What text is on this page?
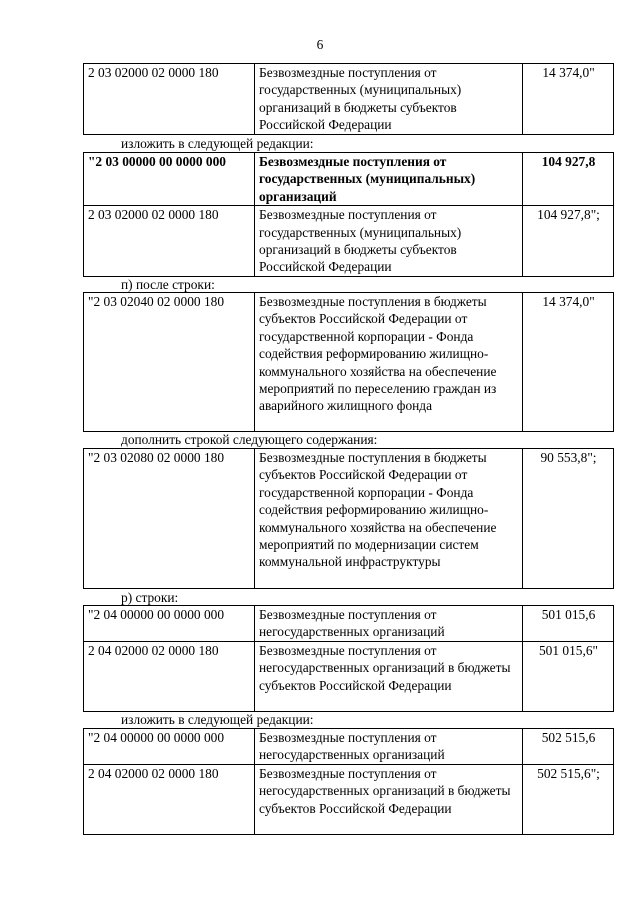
6
2 03 02000 02 0000 180	Безвозмездные поступления от государственных (муниципальных) организаций в бюджеты субъектов Российской Федерации	14 374,0"
изложить в следующей редакции:
"2 03 00000 00 0000 000	Безвозмездные поступления от государственных (муниципальных) организаций	104 927,8
2 03 02000 02 0000 180	Безвозмездные поступления от государственных (муниципальных) организаций в бюджеты субъектов Российской Федерации	104 927,8";
п) после строки:
"2 03 02040 02 0000 180	Безвозмездные поступления в бюджеты субъектов Российской Федерации от государственной корпорации - Фонда содействия реформированию жилищно-коммунального хозяйства на обеспечение мероприятий по переселению граждан из аварийного жилищного фонда	14 374,0"
дополнить строкой следующего содержания:
"2 03 02080 02 0000 180	Безвозмездные поступления в бюджеты субъектов Российской Федерации от государственной корпорации - Фонда содействия реформированию жилищно-коммунального хозяйства на обеспечение мероприятий по модернизации систем коммунальной инфраструктуры	90 553,8";
р) строки:
"2 04 00000 00 0000 000	Безвозмездные поступления от негосударственных организаций	501 015,6
2 04 02000 02 0000 180	Безвозмездные поступления от негосударственных организаций в бюджеты субъектов Российской Федерации	501 015,6"
изложить в следующей редакции:
"2 04 00000 00 0000 000	Безвозмездные поступления от негосударственных организаций	502 515,6
2 04 02000 02 0000 180	Безвозмездные поступления от негосударственных организаций в бюджеты субъектов Российской Федерации	502 515,6";
